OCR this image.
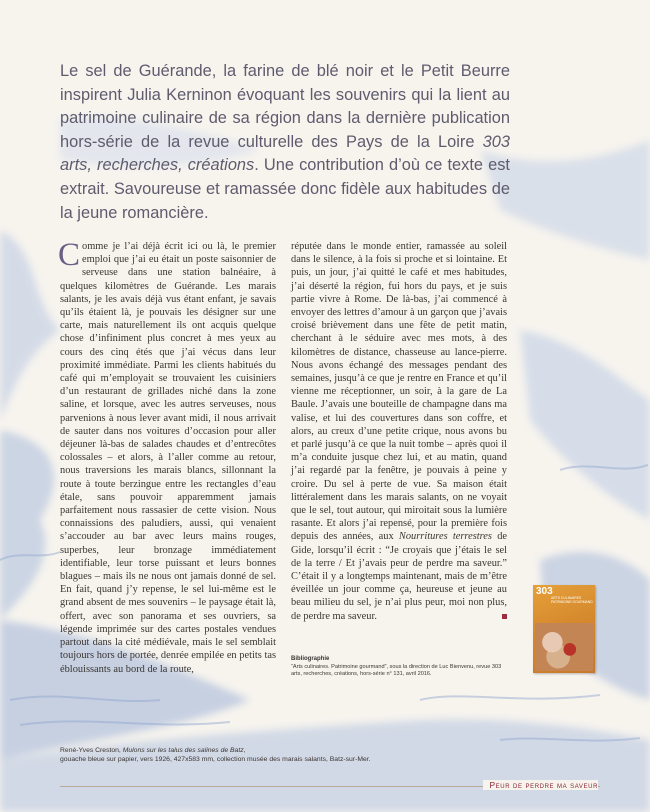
Le sel de Guérande, la farine de blé noir et le Petit Beurre inspirent Julia Kerninon évoquant les souvenirs qui la lient au patrimoine culinaire de sa région dans la dernière publication hors-série de la revue culturelle des Pays de la Loire 303 arts, recherches, créations. Une contribution d’où ce texte est extrait. Savoureuse et ramassée donc fidèle aux habitudes de la jeune romancière.

Comme je l’ai déjà écrit ici ou là, le premier emploi que j’ai eu était un poste saisonnier de serveuse dans une station balnéaire, à quelques kilomètres de Guérande. Les marais salants, je les avais déjà vus étant enfant, je savais qu’ils étaient là, je pouvais les désigner sur une carte, mais naturellement ils ont acquis quelque chose d’infiniment plus concret à mes yeux au cours des cinq étés que j’ai vécus dans leur proximité immédiate. Parmi les clients habitués du café qui m’employait se trouvaient les cuisiniers d’un restaurant de grillades niché dans la zone saline, et lorsque, avec les autres serveuses, nous parvenions à nous lever avant midi, il nous arrivait de sauter dans nos voitures d’occasion pour aller déjeuner là-bas de salades chaudes et d’entrecôtes colossales – et alors, à l’aller comme au retour, nous traversions les marais blancs, sillonnant la route à toute berzingue entre les rectangles d’eau étale, sans pouvoir apparemment jamais parfaitement nous rassasier de cette vision. Nous connaissions des paludiers, aussi, qui venaient s’accouder au bar avec leurs mains rouges, superbes, leur bronzage immédiatement identifiable, leur torse puissant et leurs bonnes blagues – mais ils ne nous ont jamais donné de sel. En fait, quand j’y repense, le sel lui-même est le grand absent de mes souvenirs – le paysage était là, offert, avec son panorama et ses ouvriers, sa légende imprimée sur des cartes postales vendues partout dans la cité médiévale, mais le sel semblait toujours hors de portée, denrée empilée en petits tas éblouissants au bord de la route,

réputée dans le monde entier, ramassée au soleil dans le silence, à la fois si proche et si lointaine. Et puis, un jour, j’ai quitté le café et mes habitudes, j’ai déserté la région, fui hors du pays, et je suis partie vivre à Rome. De là-bas, j’ai commencé à envoyer des lettres d’amour à un garçon que j’avais croisé brièvement dans une fête de petit matin, cherchant à le séduire avec mes mots, à des kilomètres de distance, chasseuse au lance-pierre. Nous avons échangé des messages pendant des semaines, jusqu’à ce que je rentre en France et qu’il vienne me réceptionner, un soir, à la gare de La Baule. J’avais une bouteille de champagne dans ma valise, et lui des couvertures dans son coffre, et alors, au creux d’une petite crique, nous avons bu et parlé jusqu’à ce que la nuit tombe – après quoi il m’a conduite jusque chez lui, et au matin, quand j’ai regardé par la fenêtre, je pouvais à peine y croire. Du sel à perte de vue. Sa maison était littéralement dans les marais salants, on ne voyait que le sel, tout autour, qui miroitait sous la lumière rasante. Et alors j’ai repensé, pour la première fois depuis des années, aux Nourritures terrestres de Gide, lorsqu’il écrit : “Je croyais que j’étais le sel de la terre / Et j’avais peur de perdre ma saveur.” C’était il y a longtemps maintenant, mais de m’être éveillée un jour comme ça, heureuse et jeune au beau milieu du sel, je n’ai plus peur, moi non plus, de perdre ma saveur.

303
ARTS CULINAIRES PATRIMOINE GOURMAND
Bibliographie
“Arts culinaires. Patrimoine gourmand”, sous la direction de Luc Bienvenu, revue 303 arts, recherches, créations, hors-série n° 131, avril 2016.
René-Yves Creston, Mulons sur les talus des salines de Batz,
gouache bleue sur papier, vers 1926, 427x583 mm, collection musée des marais salants, Batz-sur-Mer.
Peur de perdre ma saveur
